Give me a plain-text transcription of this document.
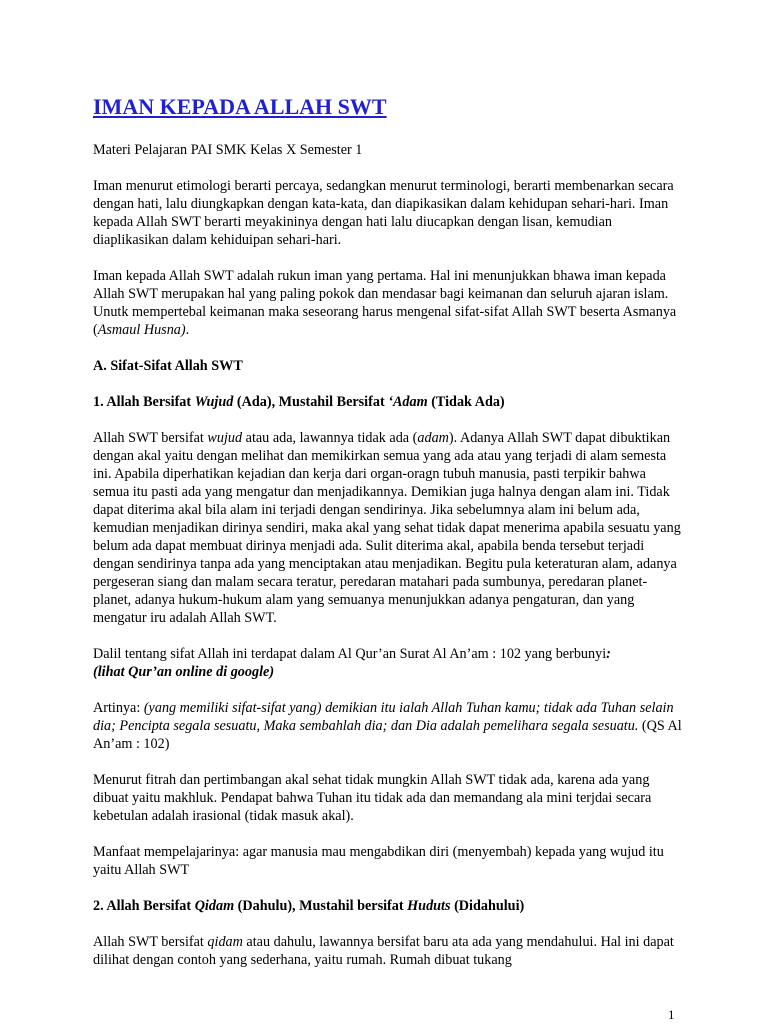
IMAN KEPADA ALLAH SWT

Materi Pelajaran PAI SMK Kelas X Semester 1

Iman menurut etimologi berarti percaya, sedangkan menurut terminologi, berarti membenarkan secara dengan hati, lalu diungkapkan dengan kata-kata, dan diapikasikan dalam kehidupan sehari-hari. Iman kepada Allah SWT berarti meyakininya dengan hati lalu diucapkan dengan lisan, kemudian diaplikasikan dalam kehiduipan sehari-hari.

Iman kepada Allah SWT adalah rukun iman yang pertama. Hal ini menunjukkan bhawa iman kepada Allah SWT merupakan hal yang paling pokok dan mendasar bagi keimanan dan seluruh ajaran islam. Unutk mempertebal keimanan maka seseorang harus mengenal sifat-sifat Allah SWT beserta Asmanya (Asmaul Husna).

A. Sifat-Sifat Allah SWT

1. Allah Bersifat Wujud (Ada), Mustahil Bersifat ‘Adam (Tidak Ada)

Allah SWT bersifat wujud atau ada, lawannya tidak ada (adam). Adanya Allah SWT dapat dibuktikan dengan akal yaitu dengan melihat dan memikirkan semua yang ada atau yang terjadi di alam semesta ini. Apabila diperhatikan kejadian dan kerja dari organ-oragn tubuh manusia, pasti terpikir bahwa semua itu pasti ada yang mengatur dan menjadikannya. Demikian juga halnya dengan alam ini. Tidak dapat diterima akal bila alam ini terjadi dengan sendirinya. Jika sebelumnya alam ini belum ada, kemudian menjadikan dirinya sendiri, maka akal yang sehat tidak dapat menerima apabila sesuatu yang belum ada dapat membuat dirinya menjadi ada. Sulit diterima akal, apabila benda tersebut terjadi dengan sendirinya tanpa ada yang menciptakan atau menjadikan. Begitu pula keteraturan alam, adanya pergeseran siang dan malam secara teratur, peredaran matahari pada sumbunya, peredaran planet-planet, adanya hukum-hukum alam yang semuanya menunjukkan adanya pengaturan, dan yang mengatur iru adalah Allah SWT.

Dalil tentang sifat Allah ini terdapat dalam Al Qur’an Surat Al An’am : 102 yang berbunyi:
(lihat Qur’an online di google)

Artinya: (yang memiliki sifat-sifat yang) demikian itu ialah Allah Tuhan kamu; tidak ada Tuhan selain dia; Pencipta segala sesuatu, Maka sembahlah dia; dan Dia adalah pemelihara segala sesuatu. (QS Al An’am : 102)

Menurut fitrah dan pertimbangan akal sehat tidak mungkin Allah SWT tidak ada, karena ada yang dibuat yaitu makhluk. Pendapat bahwa Tuhan itu tidak ada dan memandang ala mini terjdai secara kebetulan adalah irasional (tidak masuk akal).

Manfaat mempelajarinya: agar manusia mau mengabdikan diri (menyembah) kepada yang wujud itu yaitu Allah SWT

2. Allah Bersifat Qidam (Dahulu), Mustahil bersifat Huduts (Didahului)

Allah SWT bersifat qidam atau dahulu, lawannya bersifat baru ata ada yang mendahului. Hal ini dapat dilihat dengan contoh yang sederhana, yaitu rumah. Rumah dibuat tukang

1
